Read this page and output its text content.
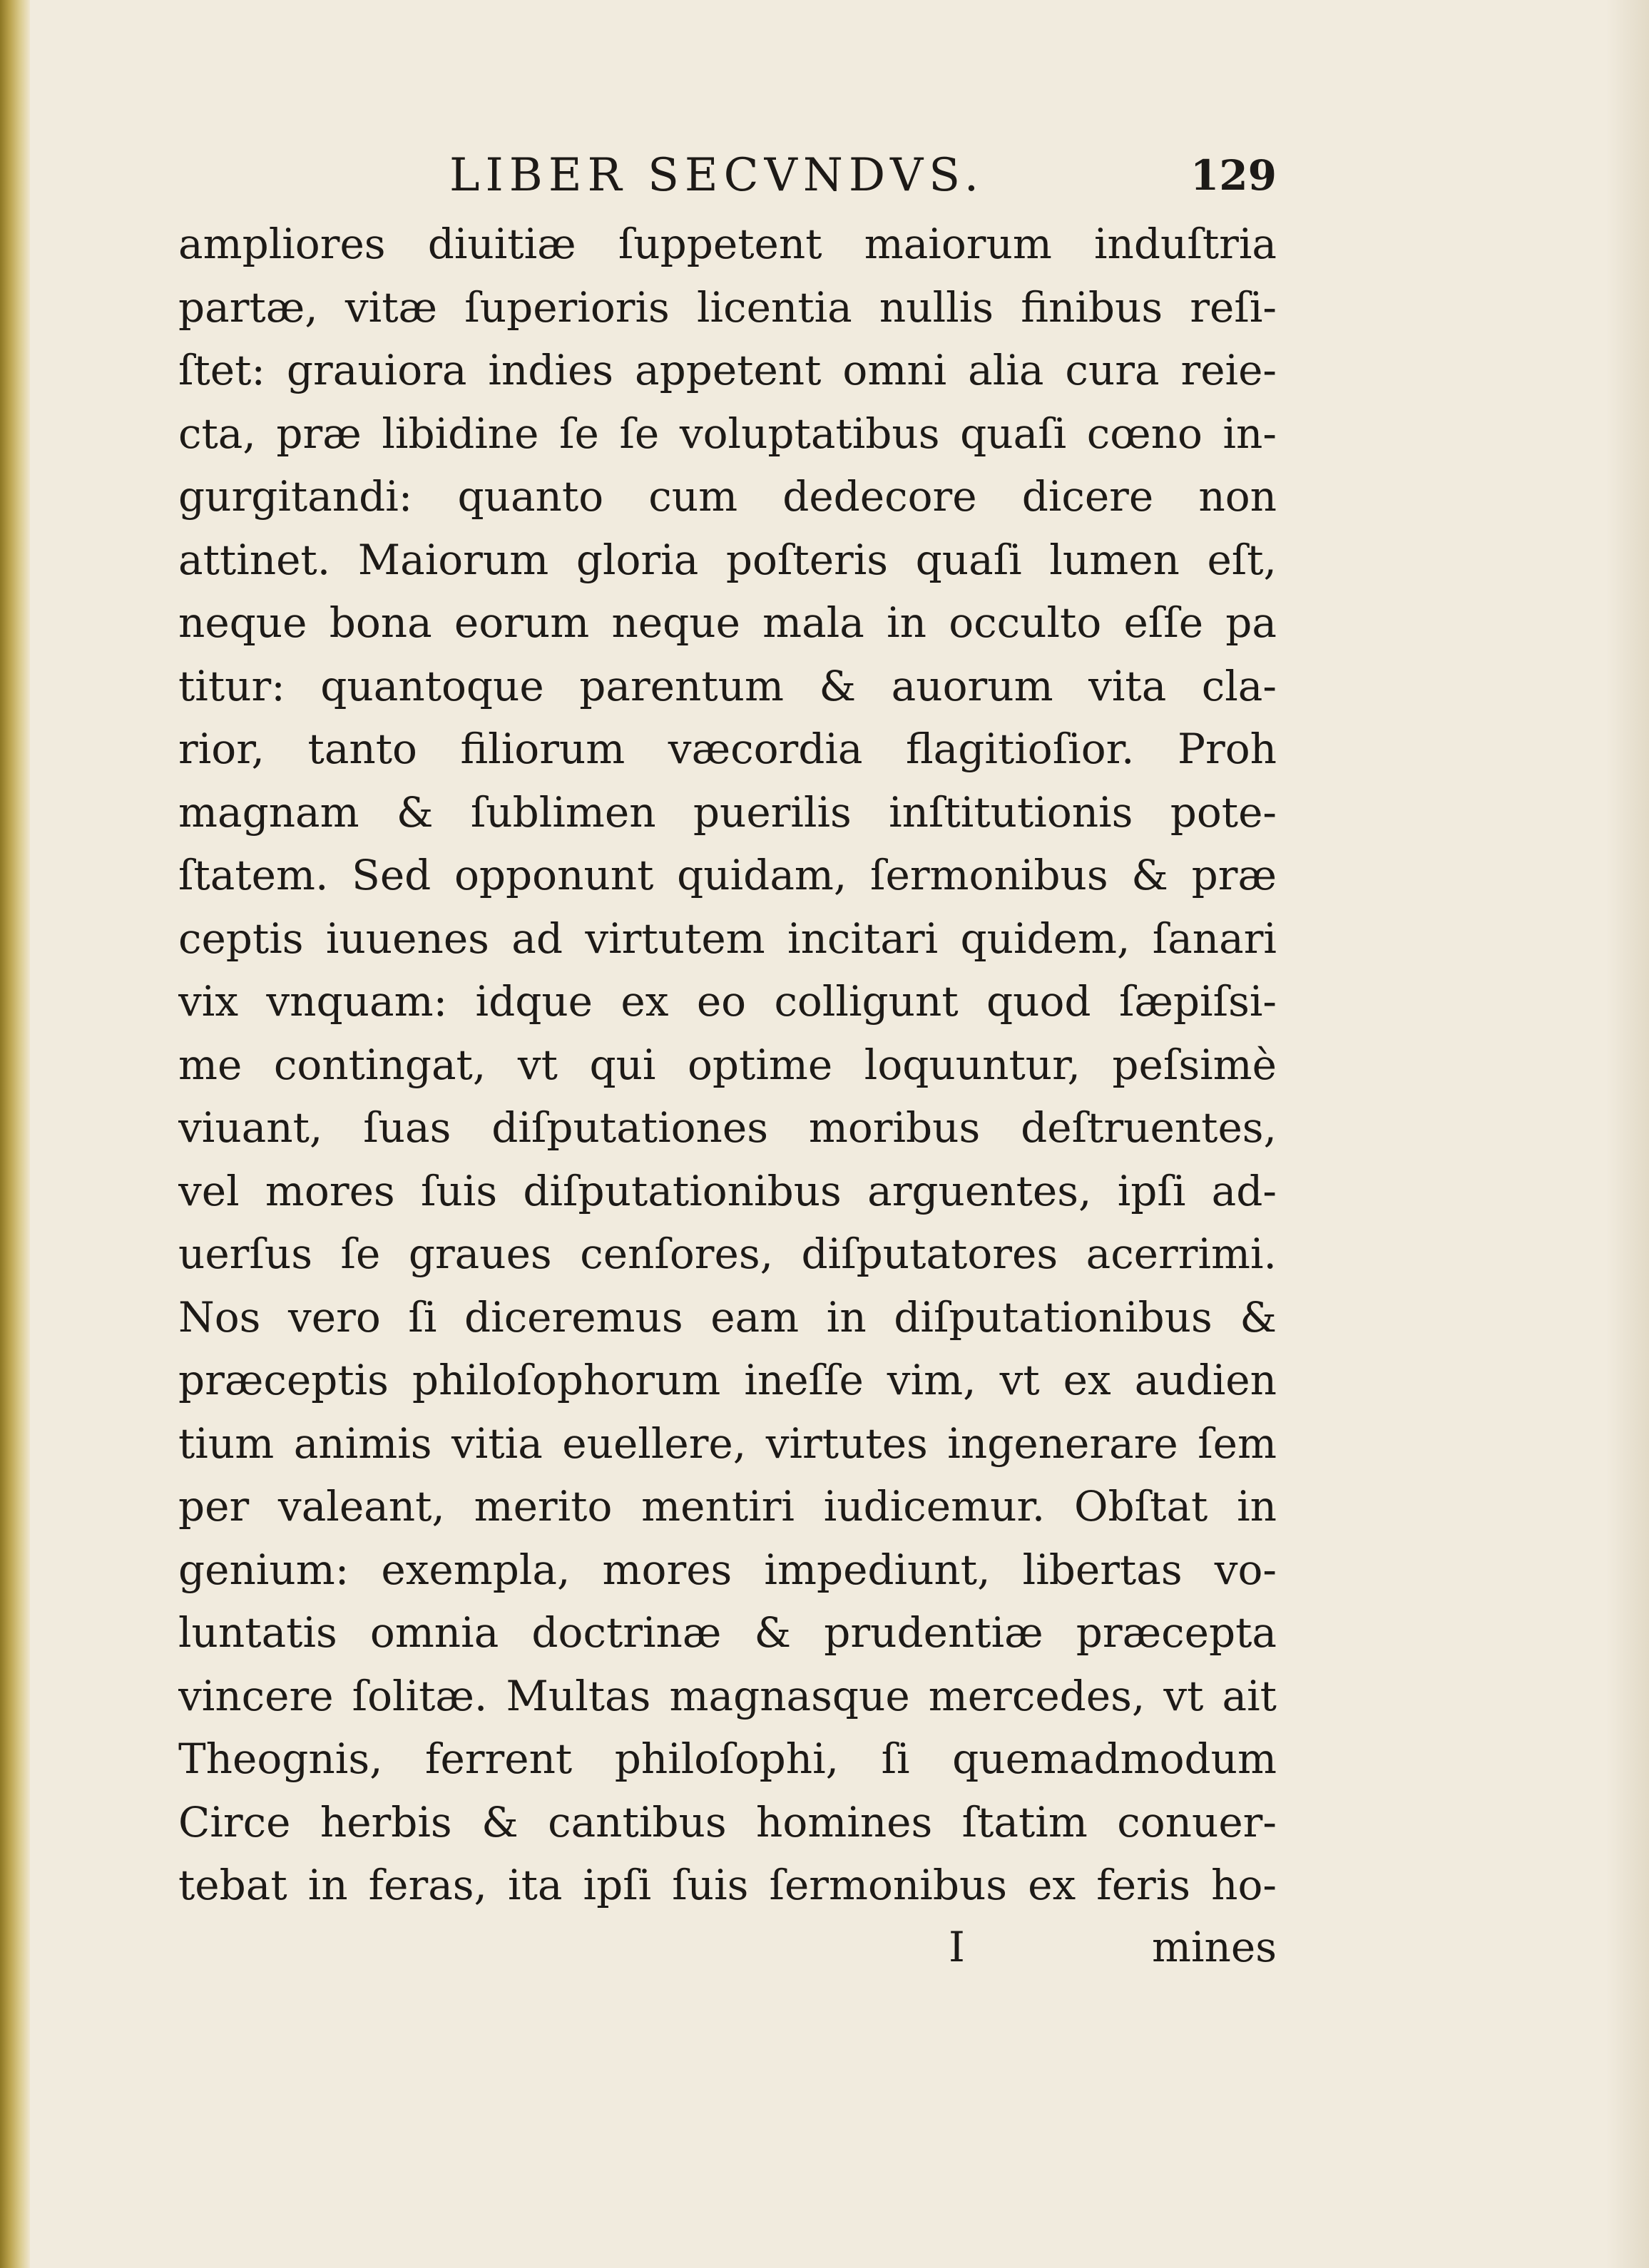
LIBER SECVNDVS.	129
ampliores diuitiæ ſuppetent maiorum induſtria
partæ, vitæ ſuperioris licentia nullis finibus reſi-
ſtet: grauiora indies appetent omni alia cura reie-
cta, præ libidine ſe ſe voluptatibus quaſi cœno in-
gurgitandi: quanto cum dedecore dicere non
attinet. Maiorum gloria poſteris quaſi lumen eſt,
neque bona eorum neque mala in occulto eſſe pa
titur: quantoque parentum & auorum vita cla-
rior, tanto filiorum væcordia flagitioſior. Proh
magnam & ſublimen puerilis inſtitutionis pote-
ſtatem. Sed opponunt quidam, ſermonibus & præ
ceptis iuuenes ad virtutem incitari quidem, ſanari
vix vnquam: idque ex eo colligunt quod ſæpiſsi-
me contingat, vt qui optime loquuntur, peſsimè
viuant, ſuas diſputationes moribus deſtruentes,
vel mores ſuis diſputationibus arguentes, ipſi ad-
uerſus ſe graues cenſores, diſputatores acerrimi.
Nos vero ſi diceremus eam in diſputationibus &
præceptis philoſophorum ineſſe vim, vt ex audien
tium animis vitia euellere, virtutes ingenerare ſem
per valeant, merito mentiri iudicemur. Obſtat in
genium: exempla, mores impediunt, libertas vo-
luntatis omnia doctrinæ & prudentiæ præcepta
vincere ſolitæ. Multas magnasque mercedes, vt ait
Theognis, ferrent philoſophi, ſi quemadmodum
Circe herbis & cantibus homines ſtatim conuer-
tebat in feras, ita ipſi ſuis ſermonibus ex feris ho-
I	mines
